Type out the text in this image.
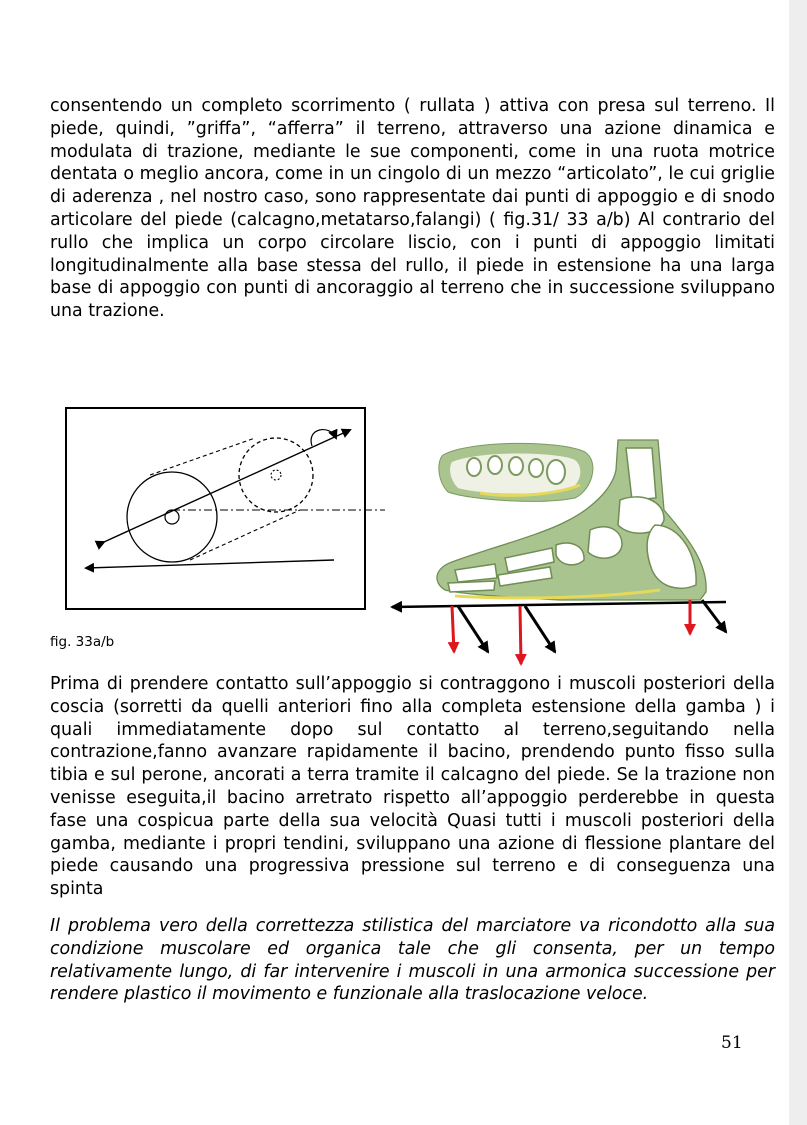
consentendo un completo scorrimento ( rullata ) attiva con presa sul terreno. Il piede, quindi, ”griffa”, “afferra” il terreno, attraverso una azione dinamica e modulata di trazione, mediante le sue componenti, come in una ruota motrice dentata o meglio ancora, come in un cingolo di un mezzo “articolato”, le cui griglie di aderenza , nel nostro caso, sono rappresentate dai punti di appoggio e di snodo articolare del piede (calcagno,metatarso,falangi) ( fig.31/ 33 a/b) Al contrario del rullo che implica un corpo circolare liscio, con i punti di appoggio limitati longitudinalmente alla base stessa del rullo, il piede in estensione ha una larga base di appoggio con punti di ancoraggio al terreno che in successione sviluppano una trazione.

fig. 33a/b

Prima di prendere contatto sull’appoggio si contraggono i muscoli posteriori della coscia (sorretti da quelli anteriori fino alla completa estensione della gamba ) i quali immediatamente dopo sul contatto al terreno,seguitando nella contrazione,fanno avanzare rapidamente il bacino, prendendo punto fisso sulla tibia e sul perone, ancorati a terra tramite il calcagno del piede. Se la trazione non venisse eseguita,il bacino arretrato rispetto all’appoggio perderebbe in questa fase una cospicua parte della sua velocità Quasi tutti i muscoli posteriori della gamba, mediante i propri tendini, sviluppano una azione di flessione plantare del piede causando una progressiva pressione sul terreno e di conseguenza una spinta

Il problema vero della correttezza stilistica del marciatore va ricondotto alla sua condizione muscolare ed organica tale che gli consenta, per un tempo relativamente lungo, di far intervenire i muscoli in una armonica successione per rendere plastico il movimento e funzionale alla traslocazione veloce.

51
